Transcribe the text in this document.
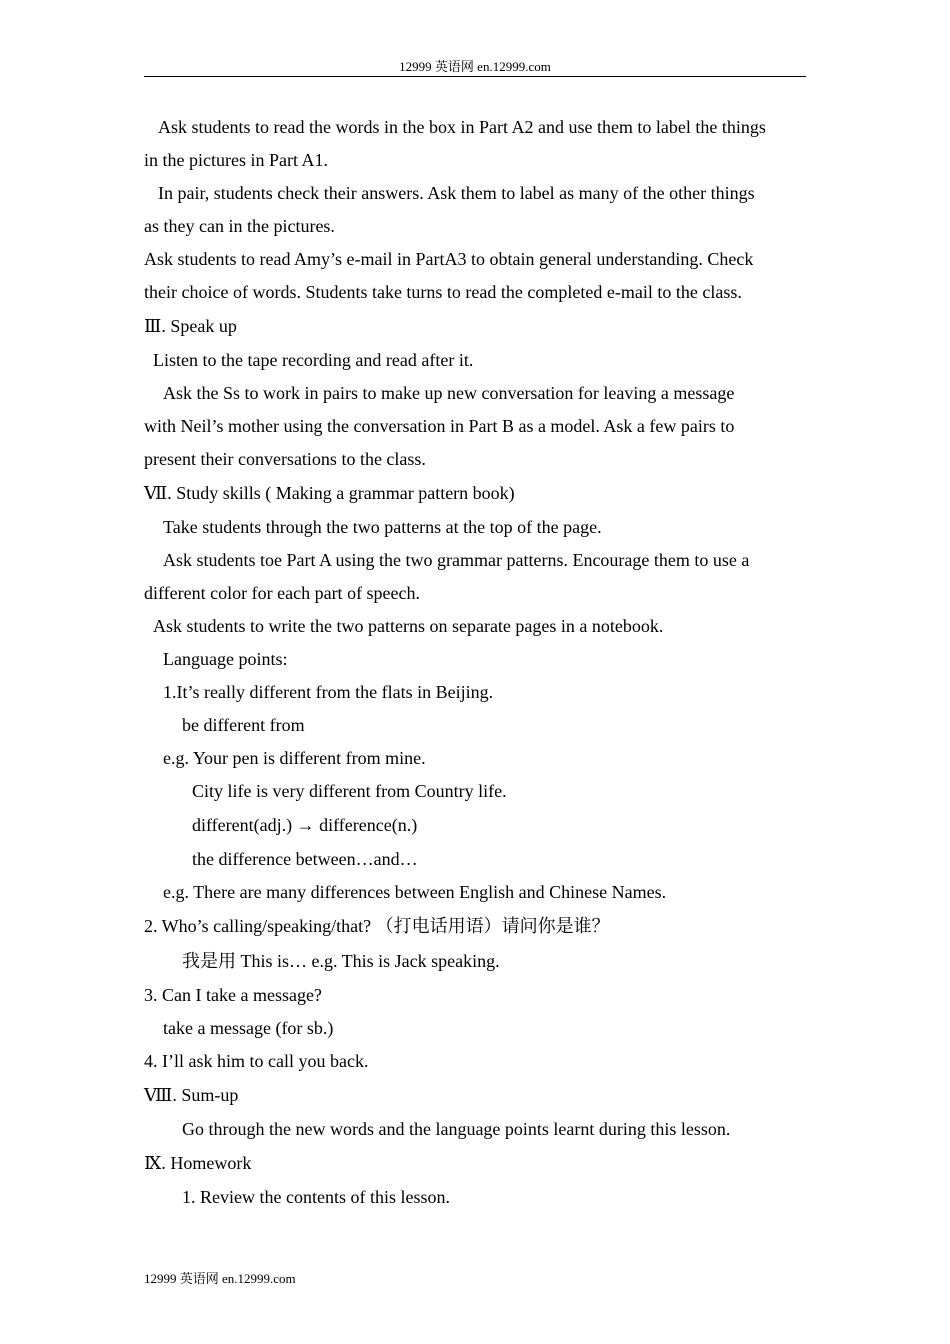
12999 英语网 en.12999.com
Ask students to read the words in the box in Part A2 and use them to label the things
in the pictures in Part A1.
In pair, students check their answers. Ask them to label as many of the other things
as they can in the pictures.
Ask students to read Amy’s e-mail in PartA3 to obtain general understanding. Check
their choice of words. Students take turns to read the completed e-mail to the class.
Ⅲ. Speak up
Listen to the tape recording and read after it.
Ask the Ss to work in pairs to make up new conversation for leaving a message
with Neil’s mother using the conversation in Part B as a model. Ask a few pairs to
present their conversations to the class.
Ⅶ. Study skills ( Making a grammar pattern book)
Take students through the two patterns at the top of the page.
Ask students toe Part A using the two grammar patterns. Encourage them to use a
different color for each part of speech.
Ask students to write the two patterns on separate pages in a notebook.
Language points:
1.It’s really different from the flats in Beijing.
be different from
e.g. Your pen is different from mine.
City life is very different from Country life.
different(adj.) → difference(n.)
the difference between…and…
e.g. There are many differences between English and Chinese Names.
2. Who’s calling/speaking/that? （打电话用语）请问你是谁？
我是用 This is… e.g. This is Jack speaking.
3. Can I take a message?
take a message (for sb.)
4. I’ll ask him to call you back.
Ⅷ. Sum-up
Go through the new words and the language points learnt during this lesson.
Ⅸ. Homework
1. Review the contents of this lesson.
12999 英语网 en.12999.com
